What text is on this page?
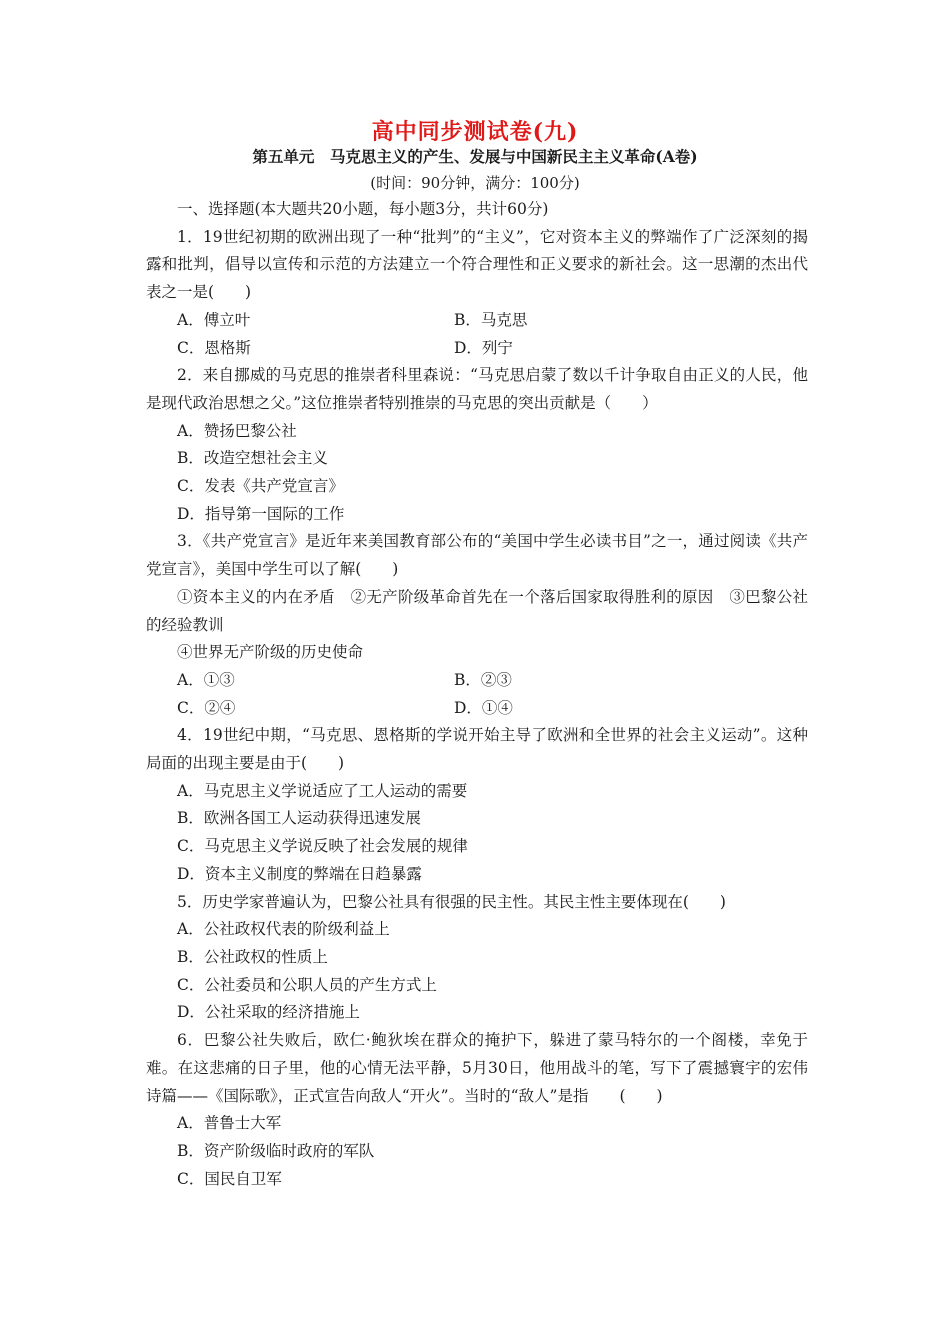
高中同步测试卷(九)
第五单元　马克思主义的产生、发展与中国新民主主义革命(A卷)
(时间：90分钟，满分：100分)

一、选择题(本大题共20小题，每小题3分，共计60分)

1．19世纪初期的欧洲出现了一种“批判”的“主义”，它对资本主义的弊端作了广泛深刻的揭露和批判，倡导以宣传和示范的方法建立一个符合理性和正义要求的新社会。这一思潮的杰出代表之一是(　　)

A．傅立叶	B．马克思
C．恩格斯	D．列宁

2．来自挪威的马克思的推崇者科里森说：“马克思启蒙了数以千计争取自由正义的人民，他是现代政治思想之父。”这位推崇者特别推崇的马克思的突出贡献是（　　）

A．赞扬巴黎公社
B．改造空想社会主义
C．发表《共产党宣言》
D．指导第一国际的工作

3．《共产党宣言》是近年来美国教育部公布的“美国中学生必读书目”之一，通过阅读《共产党宣言》，美国中学生可以了解(　　)

①资本主义的内在矛盾　②无产阶级革命首先在一个落后国家取得胜利的原因　③巴黎公社的经验教训

④世界无产阶级的历史使命

A．①③	B．②③
C．②④	D．①④

4．19世纪中期，“马克思、恩格斯的学说开始主导了欧洲和全世界的社会主义运动”。这种局面的出现主要是由于(　　)

A．马克思主义学说适应了工人运动的需要
B．欧洲各国工人运动获得迅速发展
C．马克思主义学说反映了社会发展的规律
D．资本主义制度的弊端在日趋暴露

5．历史学家普遍认为，巴黎公社具有很强的民主性。其民主性主要体现在(　　)

A．公社政权代表的阶级利益上
B．公社政权的性质上
C．公社委员和公职人员的产生方式上
D．公社采取的经济措施上

6．巴黎公社失败后，欧仁·鲍狄埃在群众的掩护下，躲进了蒙马特尔的一个阁楼，幸免于难。在这悲痛的日子里，他的心情无法平静，5月30日，他用战斗的笔，写下了震撼寰宇的宏伟诗篇——《国际歌》，正式宣告向敌人“开火”。当时的“敌人”是指　　(　　)

A．普鲁士大军
B．资产阶级临时政府的军队
C．国民自卫军
